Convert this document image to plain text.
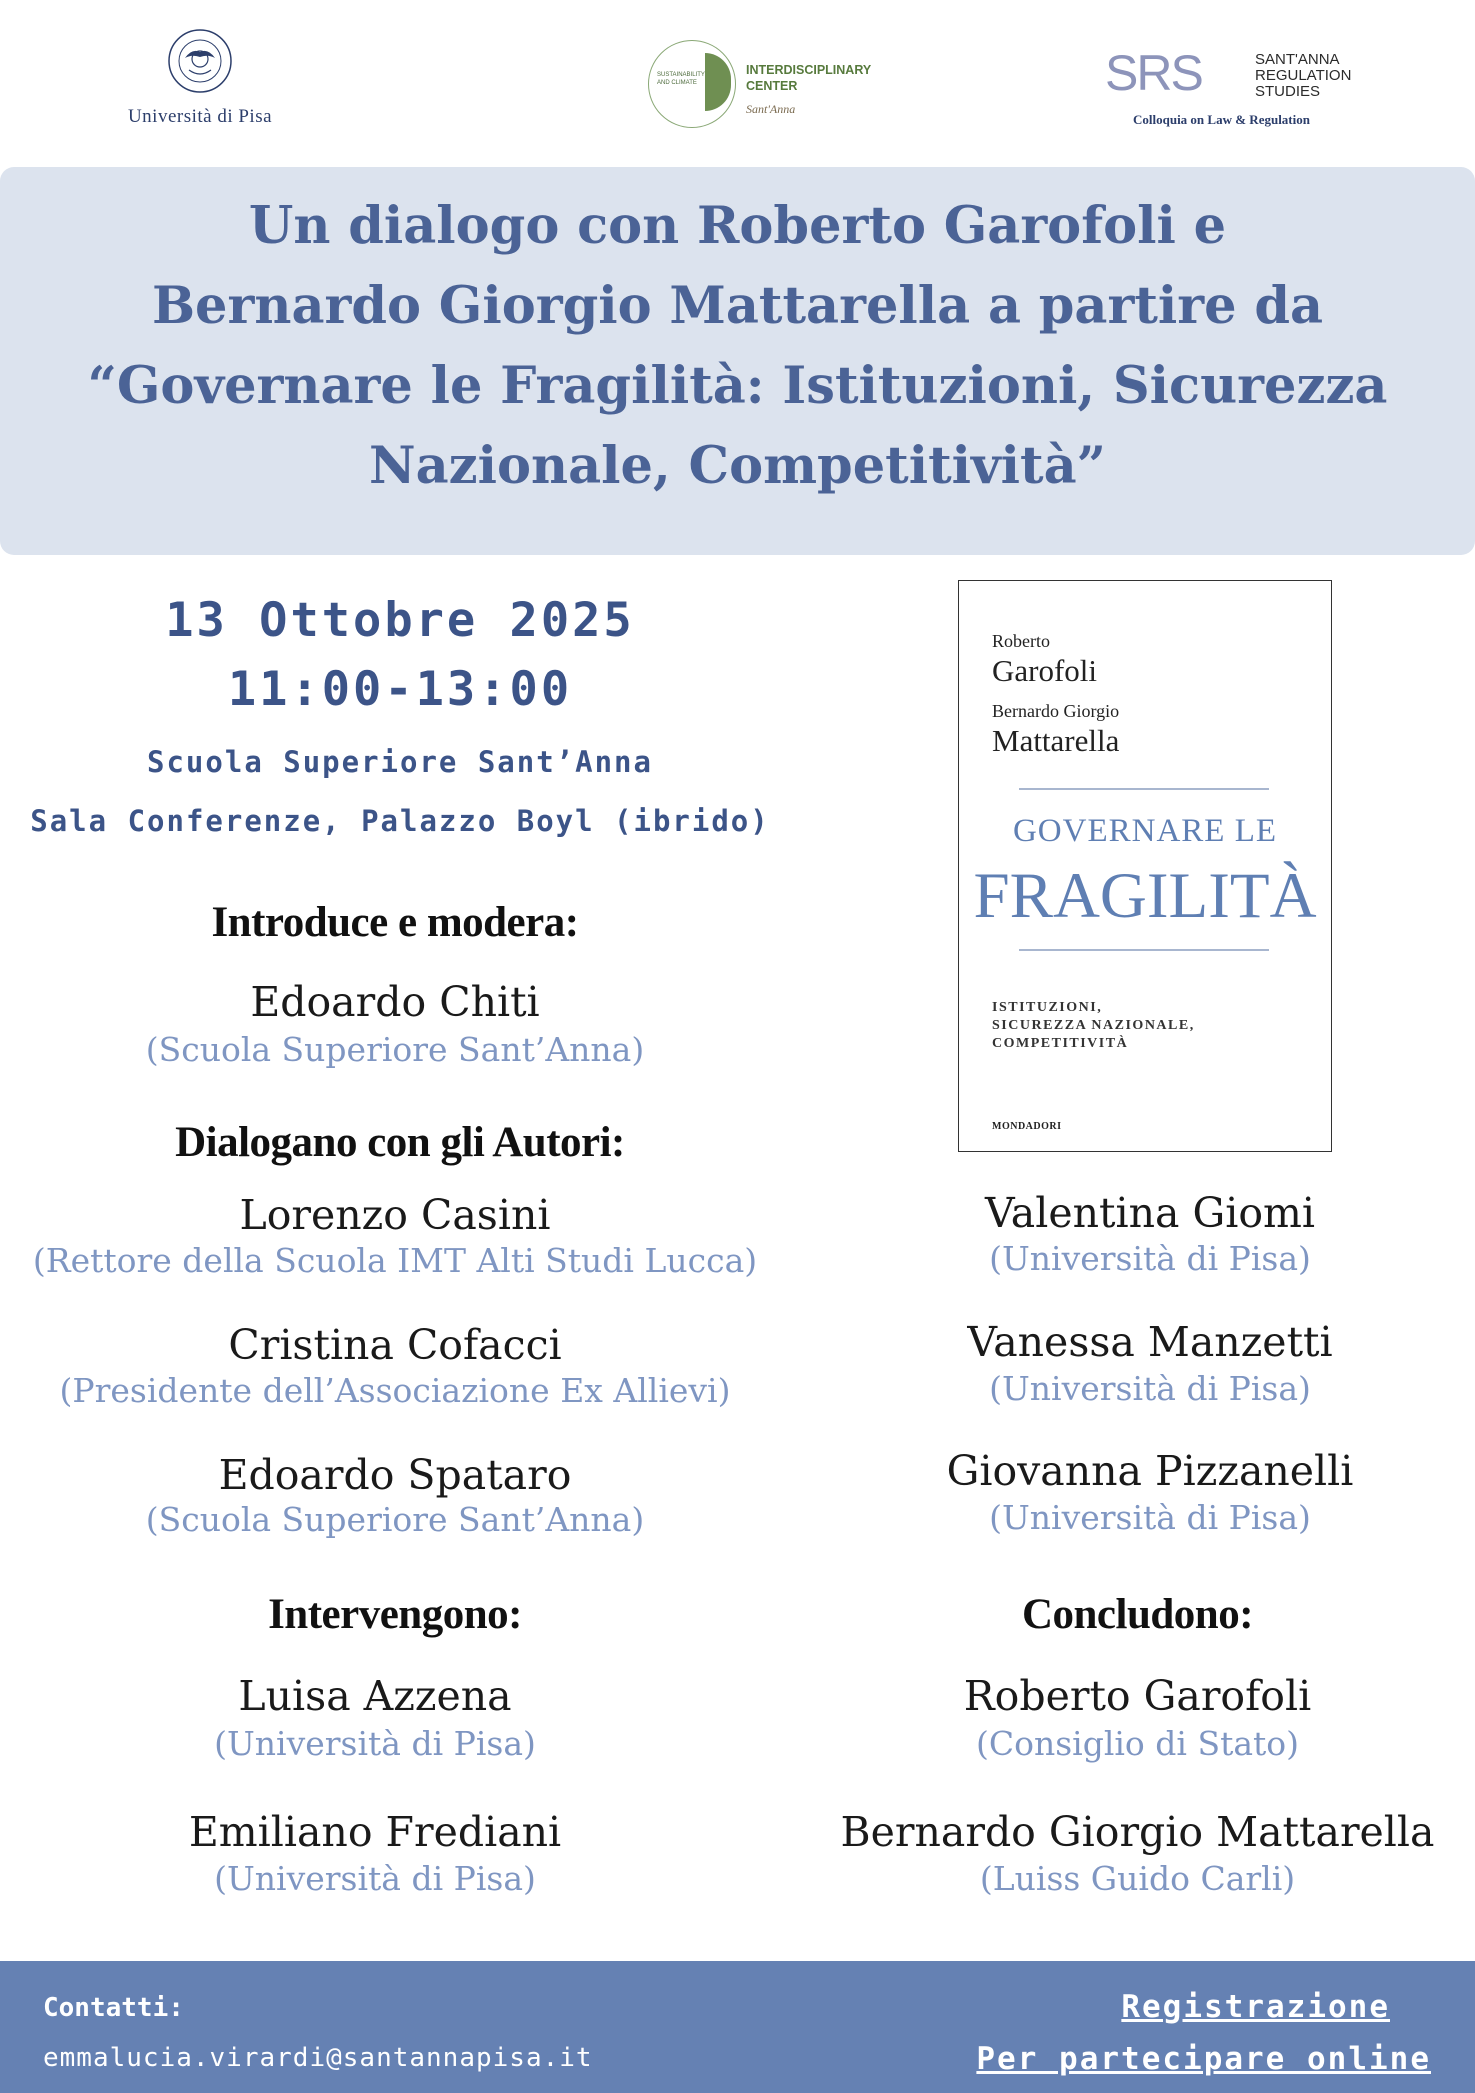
Università di Pisa
SUSTAINABILITY AND CLIMATE
INTERDISCIPLINARY
CENTER
Sant'Anna
SRS	SANT'ANNA
REGULATION
STUDIES
Colloquia on Law & Regulation
Un dialogo con Roberto Garofoli e
Bernardo Giorgio Mattarella a partire da
“Governare le Fragilità: Istituzioni, Sicurezza
Nazionale, Competitività”
13 Ottobre 2025
11:00-13:00
Scuola Superiore Sant’Anna
Sala Conferenze, Palazzo Boyl (ibrido)
Roberto
Garofoli
Bernardo Giorgio
Mattarella
GOVERNARE LE
FRAGILITÀ
ISTITUZIONI,
SICUREZZA NAZIONALE,
COMPETITIVITÀ
MONDADORI
Introduce e modera:
Edoardo Chiti
(Scuola Superiore Sant’Anna)
Dialogano con gli Autori:
Lorenzo Casini
(Rettore della Scuola IMT Alti Studi Lucca)
Cristina Cofacci
(Presidente dell’Associazione Ex Allievi)
Edoardo Spataro
(Scuola Superiore Sant’Anna)
Intervengono:
Luisa Azzena
(Università di Pisa)
Emiliano Frediani
(Università di Pisa)
Valentina Giomi
(Università di Pisa)
Vanessa Manzetti
(Università di Pisa)
Giovanna Pizzanelli
(Università di Pisa)
Concludono:
Roberto Garofoli
(Consiglio di Stato)
Bernardo Giorgio Mattarella
(Luiss Guido Carli)
Contatti:
emmalucia.virardi@santannapisa.it
Registrazione
Per partecipare online
